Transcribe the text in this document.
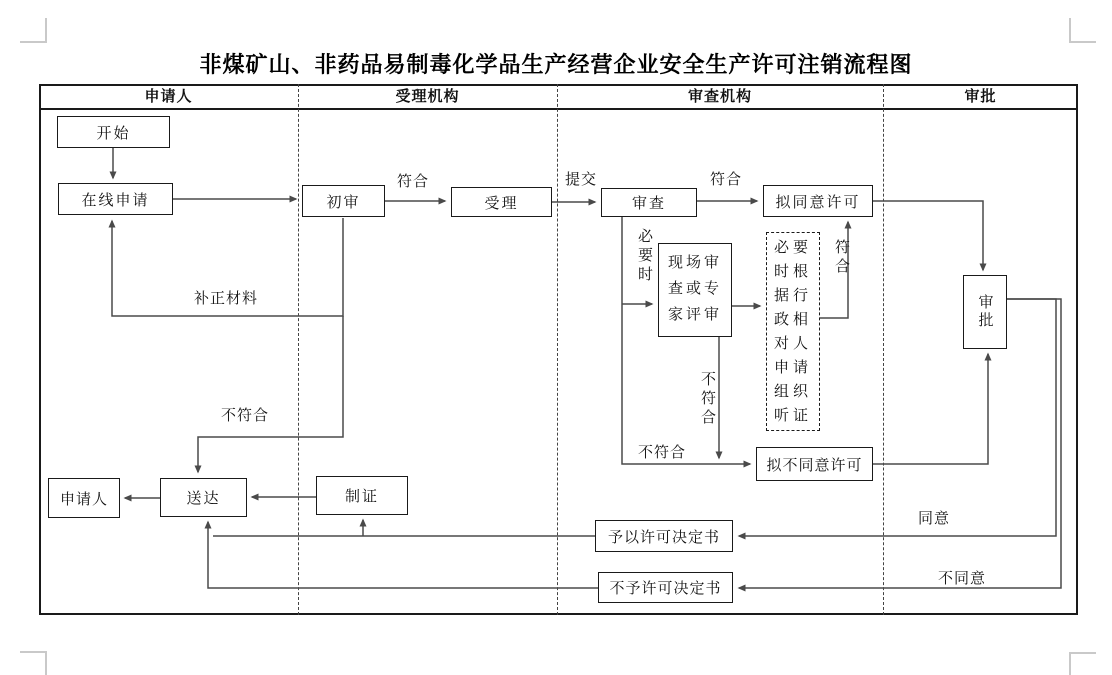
非煤矿山、非药品易制毒化学品生产经营企业安全生产许可注销流程图
申请人	受理机构	审查机构	审批
开始
在线申请	初审	受理	审查	拟同意许可
现场审查或专家评审
必要时根据行政相对人申请组织听证
审批
拟不同意许可
申请人	送达	制证
予以许可决定书
不予许可决定书
符合	提交	符合
补正材料
不符合
必要时
不符合
符合
不符合
同意
不同意
